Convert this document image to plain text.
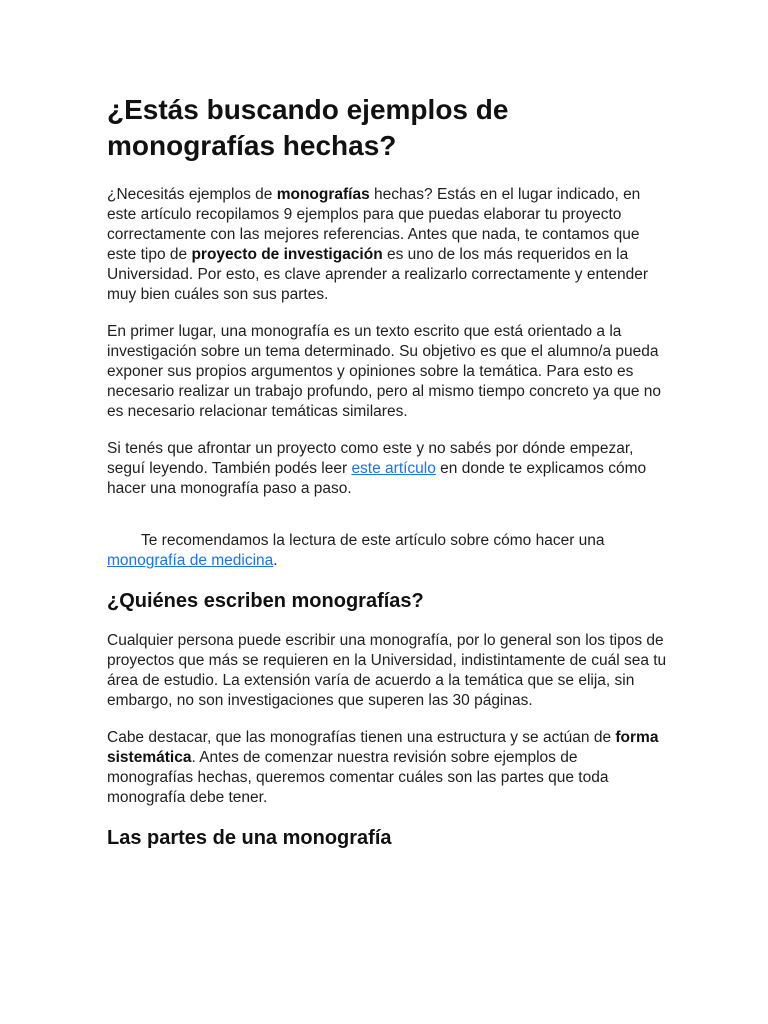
¿Estás buscando ejemplos de monografías hechas?

¿Necesitás ejemplos de monografías hechas? Estás en el lugar indicado, en este artículo recopilamos 9 ejemplos para que puedas elaborar tu proyecto correctamente con las mejores referencias. Antes que nada, te contamos que este tipo de proyecto de investigación es uno de los más requeridos en la Universidad. Por esto, es clave aprender a realizarlo correctamente y entender muy bien cuáles son sus partes.

En primer lugar, una monografía es un texto escrito que está orientado a la investigación sobre un tema determinado. Su objetivo es que el alumno/a pueda exponer sus propios argumentos y opiniones sobre la temática. Para esto es necesario realizar un trabajo profundo, pero al mismo tiempo concreto ya que no es necesario relacionar temáticas similares.

Si tenés que afrontar un proyecto como este y no sabés por dónde empezar, seguí leyendo. También podés leer este artículo en donde te explicamos cómo hacer una monografía paso a paso.

Te recomendamos la lectura de este artículo sobre cómo hacer una monografía de medicina.

¿Quiénes escriben monografías?

Cualquier persona puede escribir una monografía, por lo general son los tipos de proyectos que más se requieren en la Universidad, indistintamente de cuál sea tu área de estudio. La extensión varía de acuerdo a la temática que se elija, sin embargo, no son investigaciones que superen las 30 páginas.

Cabe destacar, que las monografías tienen una estructura y se actúan de forma sistemática. Antes de comenzar nuestra revisión sobre ejemplos de monografías hechas, queremos comentar cuáles son las partes que toda monografía debe tener.

Las partes de una monografía
